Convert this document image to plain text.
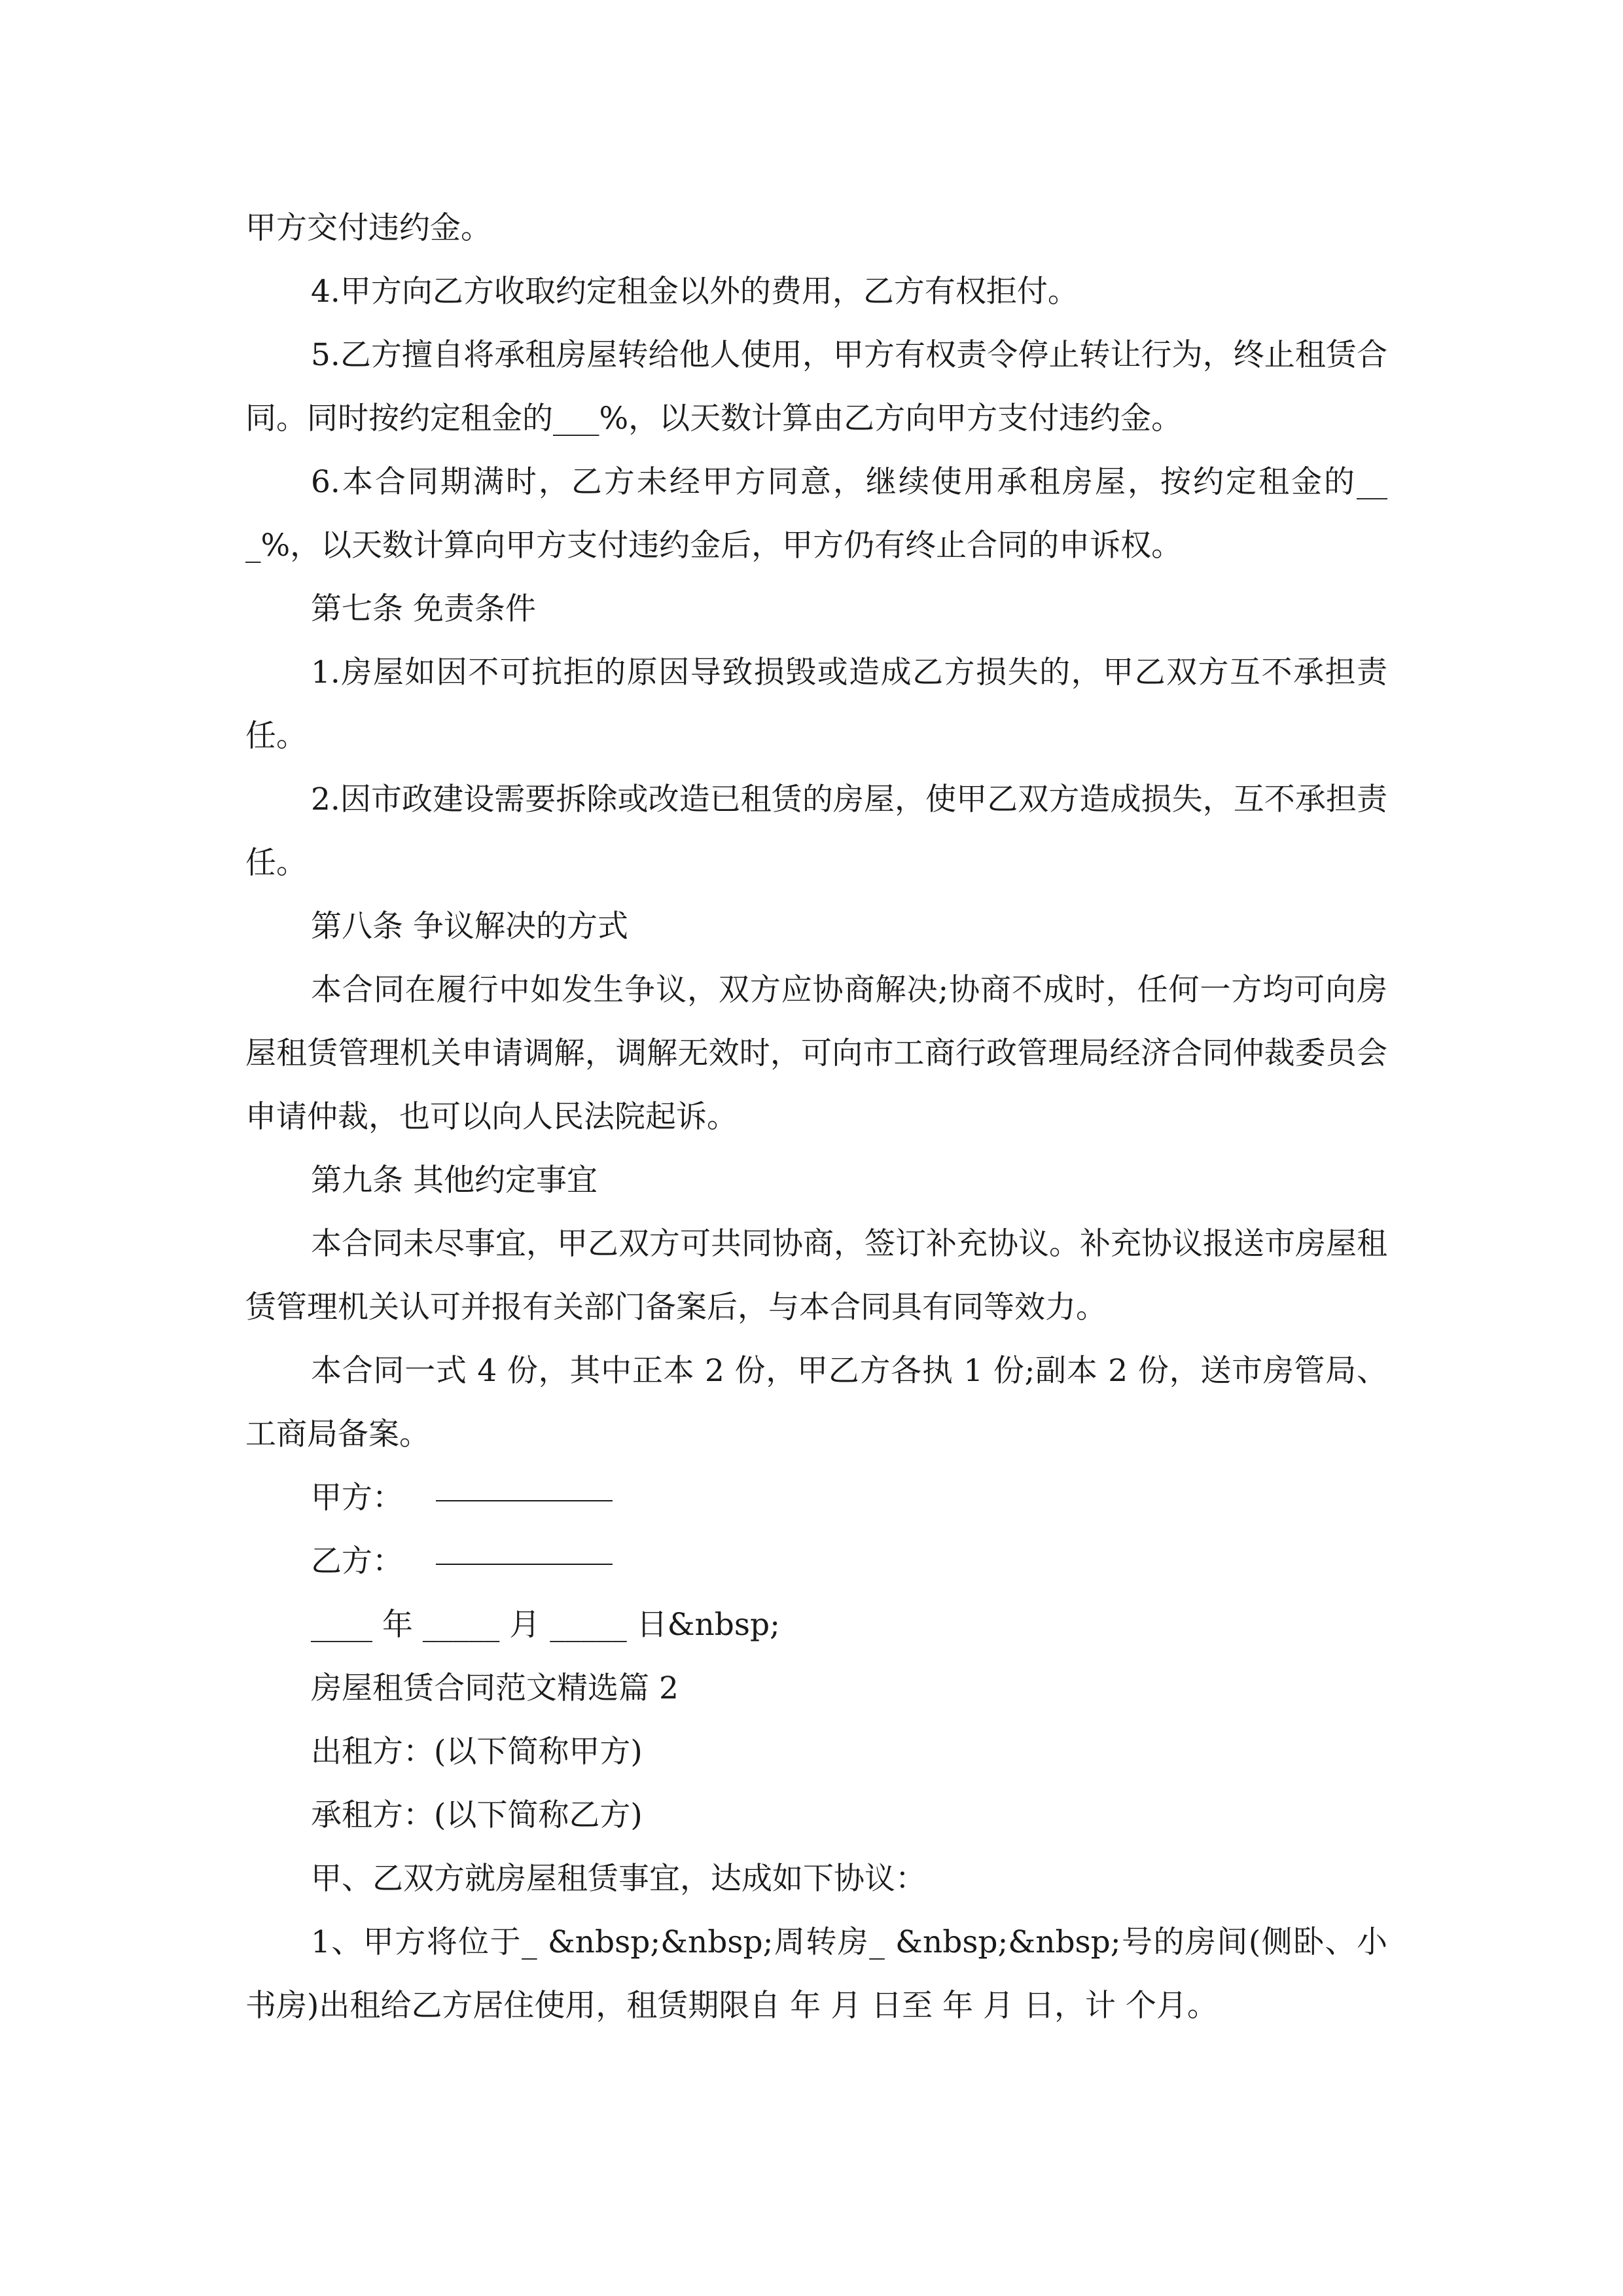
甲方交付违约金。

4.甲方向乙方收取约定租金以外的费用，乙方有权拒付。

5.乙方擅自将承租房屋转给他人使用，甲方有权责令停止转让行为，终止租赁合同。同时按约定租金的___%，以天数计算由乙方向甲方支付违约金。

6.本合同期满时，乙方未经甲方同意，继续使用承租房屋，按约定租金的___%，以天数计算向甲方支付违约金后，甲方仍有终止合同的申诉权。

第七条 免责条件

1.房屋如因不可抗拒的原因导致损毁或造成乙方损失的，甲乙双方互不承担责任。

2.因市政建设需要拆除或改造已租赁的房屋，使甲乙双方造成损失，互不承担责任。

第八条 争议解决的方式

本合同在履行中如发生争议，双方应协商解决;协商不成时，任何一方均可向房屋租赁管理机关申请调解，调解无效时，可向市工商行政管理局经济合同仲裁委员会申请仲裁，也可以向人民法院起诉。

第九条 其他约定事宜

本合同未尽事宜，甲乙双方可共同协商，签订补充协议。补充协议报送市房屋租赁管理机关认可并报有关部门备案后，与本合同具有同等效力。

本合同一式 4 份，其中正本 2 份，甲乙方各执 1 份;副本 2 份，送市房管局、工商局备案。

甲方：

乙方：

____ 年 _____ 月 _____ 日&nbsp;

房屋租赁合同范文精选篇 2

出租方：(以下简称甲方)

承租方：(以下简称乙方)

甲、乙双方就房屋租赁事宜，达成如下协议：

1、甲方将位于_ &nbsp;&nbsp;周转房_ &nbsp;&nbsp;号的房间(侧卧、小书房)出租给乙方居住使用，租赁期限自 年 月 日至 年 月 日，计 个月。
